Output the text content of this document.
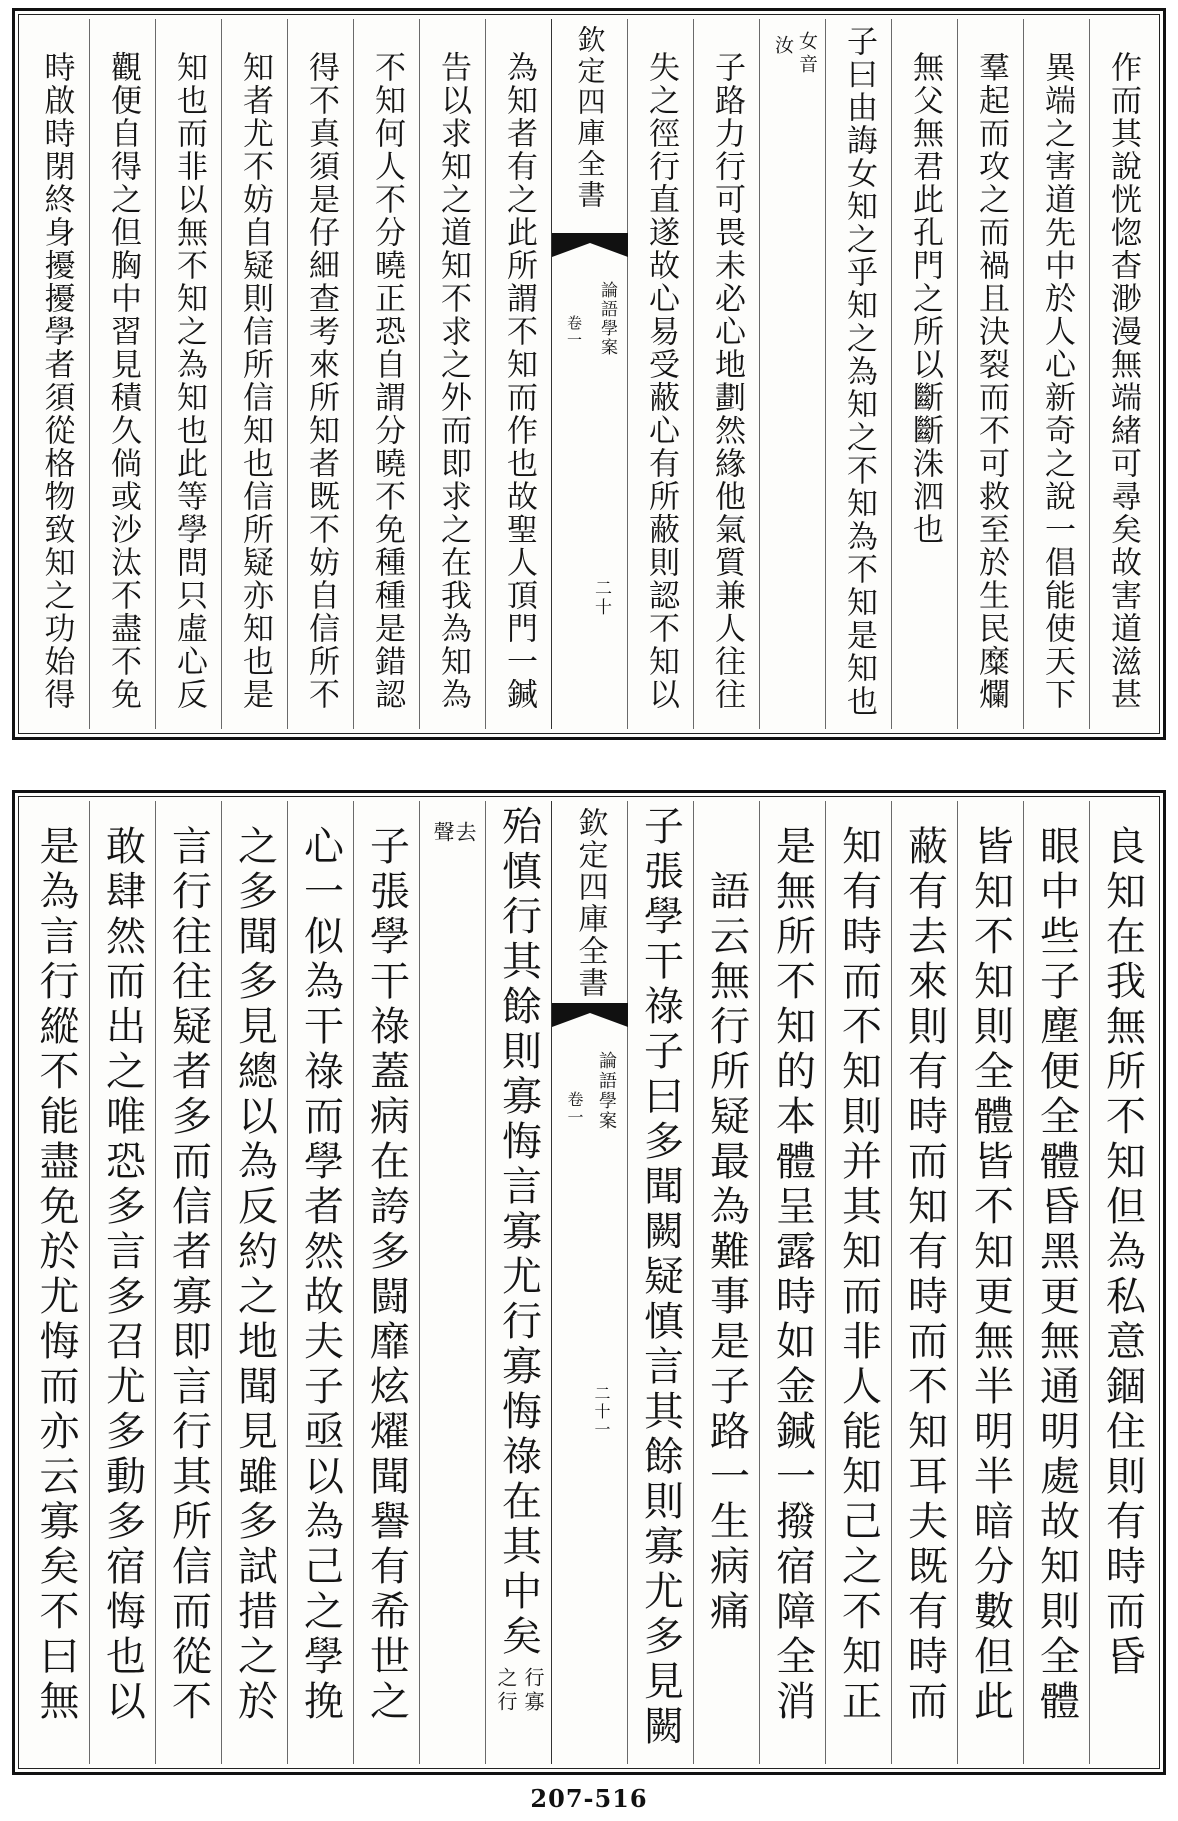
作而其說恍惚杳渺漫無端緒可尋矣故害道滋甚
異端之害道先中於人心新奇之說一倡能使天下
羣起而攻之而禍且決裂而不可救至於生民糜爛
無父無君此孔門之所以斷斷洙泗也
子曰由誨女知之乎知之為知之不知為不知是知也
女音
汝
子路力行可畏未必心地劃然緣他氣質兼人往往
失之徑行直遂故心易受蔽心有所蔽則認不知以
欽定四庫全書
論語學案
卷一
二十
為知者有之此所謂不知而作也故聖人頂門一鍼
告以求知之道知不求之外而即求之在我為知為
不知何人不分曉正恐自謂分曉不免種種是錯認
得不真須是仔細查考來所知者既不妨自信所不
知者尤不妨自疑則信所信知也信所疑亦知也是
知也而非以無不知之為知也此等學問只虛心反
觀便自得之但胸中習見積久倘或沙汰不盡不免
時啟時閉終身擾擾學者須從格物致知之功始得
良知在我無所不知但為私意錮住則有時而昏
眼中些子塵便全體昏黑更無通明處故知則全體
皆知不知則全體皆不知更無半明半暗分數但此
蔽有去來則有時而知有時而不知耳夫既有時而
知有時而不知則并其知而非人能知己之不知正
是無所不知的本體呈露時如金鍼一撥宿障全消
語云無行所疑最為難事是子路一生病痛
子張學干祿子曰多聞闕疑慎言其餘則寡尤多見闕
欽定四庫全書
論語學案
卷一
二十一
殆慎行其餘則寡悔言寡尤行寡悔祿在其中矣
行寡
之行
去
聲
子張學干祿蓋病在誇多闘靡炫燿聞譽有希世之
心一似為干祿而學者然故夫子亟以為己之學挽
之多聞多見總以為反約之地聞見雖多試措之於
言行往往疑者多而信者寡即言行其所信而從不
敢肆然而出之唯恐多言多召尤多動多宿悔也以
是為言行縱不能盡免於尤悔而亦云寡矣不曰無
207-516
